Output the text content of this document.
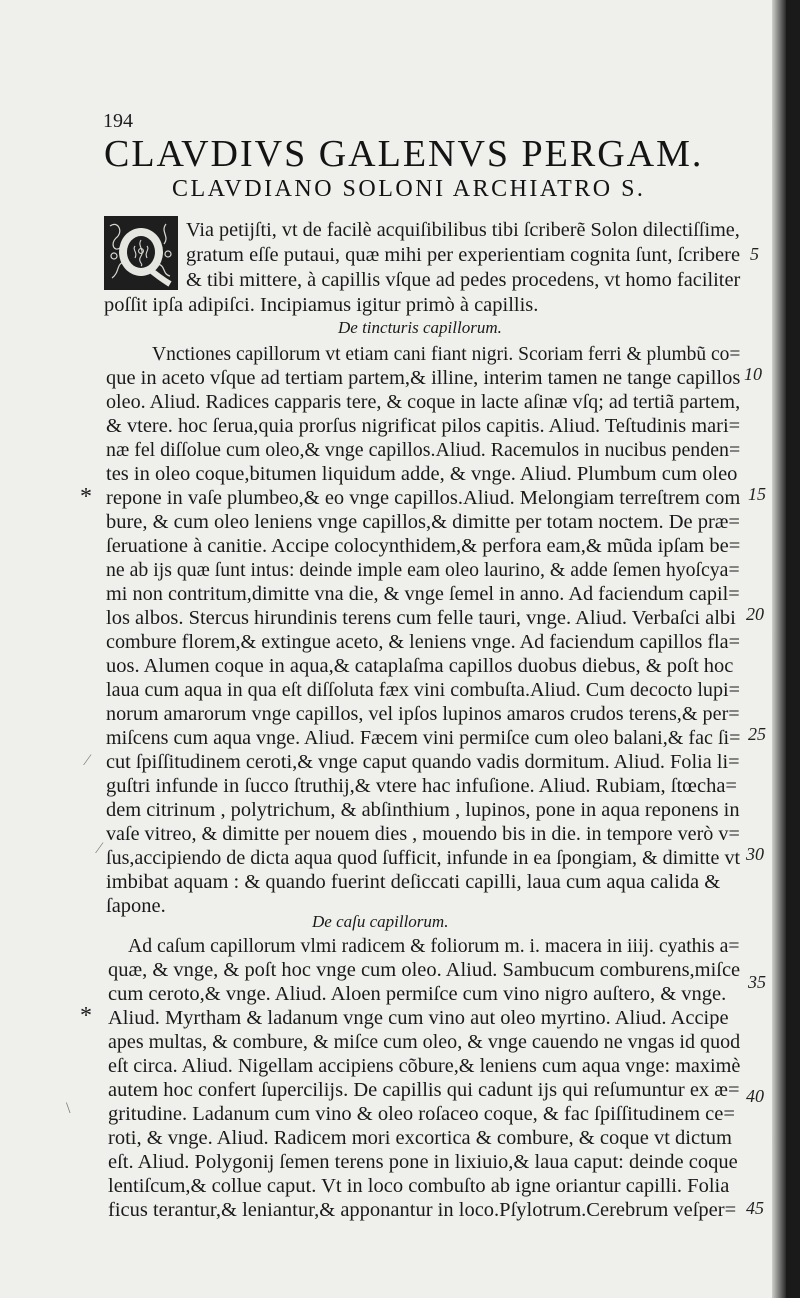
194
CLAVDIVS GALENVS PERGAM.
CLAVDIANO SOLONI ARCHIATRO S.
Via petijſti, vt de facilè acquiſibilibus tibi ſcriberẽ Solon dilectiſſime,
gratum eſſe putaui, quæ mihi per experientiam cognita ſunt, ſcribere
& tibi mittere, à capillis vſque ad pedes procedens, vt homo faciliter
poſſit ipſa adipiſci. Incipiamus igitur primò à capillis.
De tincturis capillorum.
Vnctiones capillorum vt etiam cani fiant nigri. Scoriam ferri & plumbũ co=
que in aceto vſque ad tertiam partem,& illine, interim tamen ne tange capillos
oleo. Aliud. Radices capparis tere, & coque in lacte aſinæ vſq; ad tertiã partem,
& vtere. hoc ſerua,quia prorſus nigrificat pilos capitis. Aliud. Teſtudinis mari=
næ fel diſſolue cum oleo,& vnge capillos.Aliud. Racemulos in nucibus penden=
tes in oleo coque,bitumen liquidum adde, & vnge. Aliud. Plumbum cum oleo
repone in vaſe plumbeo,& eo vnge capillos.Aliud. Melongiam terreſtrem com
bure, & cum oleo leniens vnge capillos,& dimitte per totam noctem. De præ=
ſeruatione à canitie. Accipe colocynthidem,& perfora eam,& mũda ipſam be=
ne ab ijs quæ ſunt intus: deinde imple eam oleo laurino, & adde ſemen hyoſcya=
mi non contritum,dimitte vna die, & vnge ſemel in anno. Ad faciendum capil=
los albos. Stercus hirundinis terens cum felle tauri, vnge. Aliud. Verbaſci albi
combure florem,& extingue aceto, & leniens vnge. Ad faciendum capillos fla=
uos. Alumen coque in aqua,& cataplaſma capillos duobus diebus, & poſt hoc
laua cum aqua in qua eſt diſſoluta fæx vini combuſta.Aliud. Cum decocto lupi=
norum amarorum vnge capillos, vel ipſos lupinos amaros crudos terens,& per=
miſcens cum aqua vnge. Aliud. Fæcem vini permiſce cum oleo balani,& fac ſi=
cut ſpiſſitudinem ceroti,& vnge caput quando vadis dormitum. Aliud. Folia li=
guſtri infunde in ſucco ſtruthij,& vtere hac infuſione. Aliud. Rubiam, ſtœcha=
dem citrinum , polytrichum, & abſinthium , lupinos, pone in aqua reponens in
vaſe vitreo, & dimitte per nouem dies , mouendo bis in die. in tempore verò v=
ſus,accipiendo de dicta aqua quod ſufficit, infunde in ea ſpongiam, & dimitte vt
imbibat aquam : & quando fuerint deſiccati capilli, laua cum aqua calida &
ſapone.
De caſu capillorum.
Ad caſum capillorum vlmi radicem & foliorum m. i. macera in iiij. cyathis a=
quæ, & vnge, & poſt hoc vnge cum oleo. Aliud. Sambucum comburens,miſce
cum ceroto,& vnge. Aliud. Aloen permiſce cum vino nigro auſtero, & vnge.
Aliud. Myrtham & ladanum vnge cum vino aut oleo myrtino. Aliud. Accipe
apes multas, & combure, & miſce cum oleo, & vnge cauendo ne vngas id quod
eſt circa. Aliud. Nigellam accipiens cõbure,& leniens cum aqua vnge: maximè
autem hoc confert ſupercilijs. De capillis qui cadunt ijs qui reſumuntur ex æ=
gritudine. Ladanum cum vino & oleo roſaceo coque, & fac ſpiſſitudinem ce=
roti, & vnge. Aliud. Radicem mori excortica & combure, & coque vt dictum
eſt. Aliud. Polygonij ſemen terens pone in lixiuio,& laua caput: deinde coque
lentiſcum,& collue caput. Vt in loco combuſto ab igne oriantur capilli. Folia
ficus terantur,& leniantur,& apponantur in loco.Pſylotrum.Cerebrum veſper=
5
10
15
20
25
30
35
40
45
*
*
⁄
⁄
\
